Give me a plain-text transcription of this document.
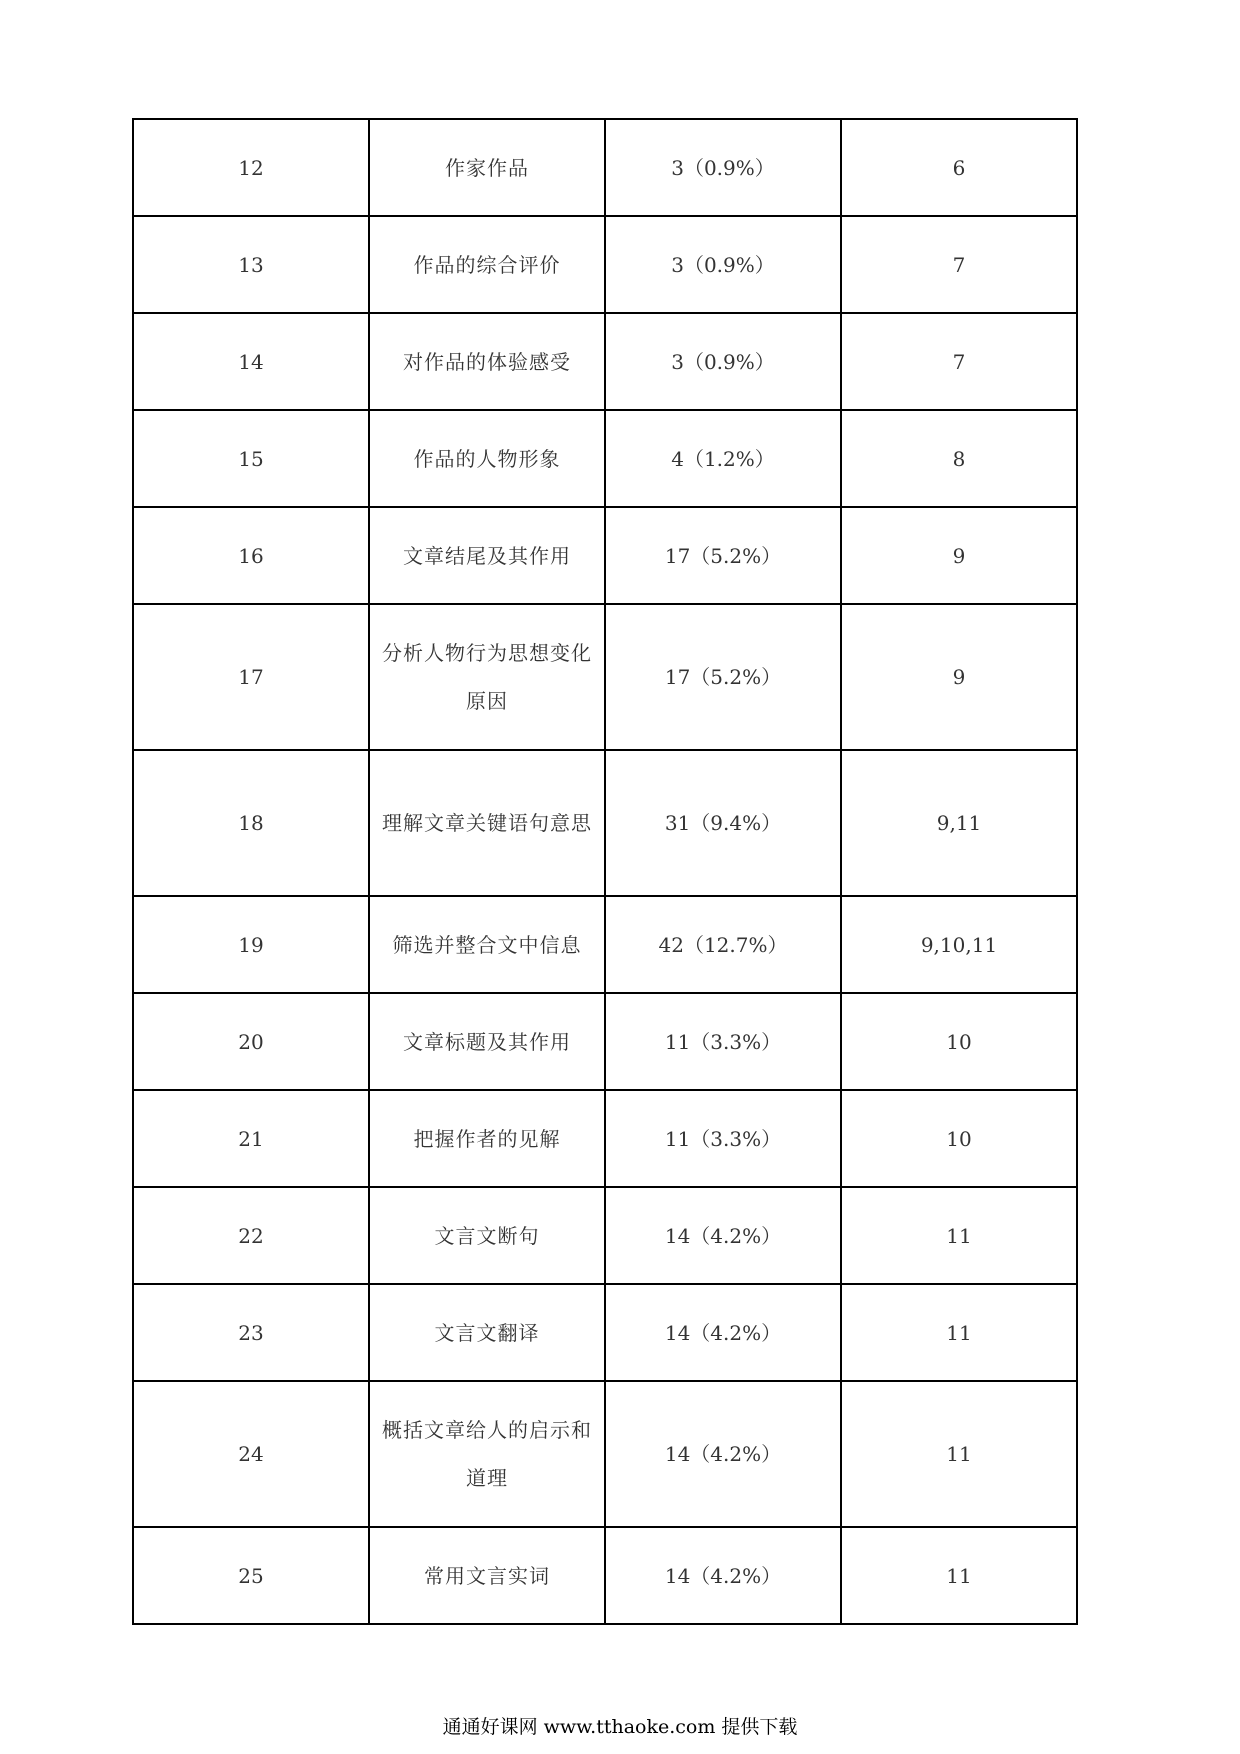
12	作家作品	3（0.9%）	6
13	作品的综合评价	3（0.9%）	7
14	对作品的体验感受	3（0.9%）	7
15	作品的人物形象	4（1.2%）	8
16	文章结尾及其作用	17（5.2%）	9
17	分析人物行为思想变化原因	17（5.2%）	9
18	理解文章关键语句意思	31（9.4%）	9,11
19	筛选并整合文中信息	42（12.7%）	9,10,11
20	文章标题及其作用	11（3.3%）	10
21	把握作者的见解	11（3.3%）	10
22	文言文断句	14（4.2%）	11
23	文言文翻译	14（4.2%）	11
24	概括文章给人的启示和道理	14（4.2%）	11
25	常用文言实词	14（4.2%）	11
通通好课网 www.tthaoke.com 提供下载
